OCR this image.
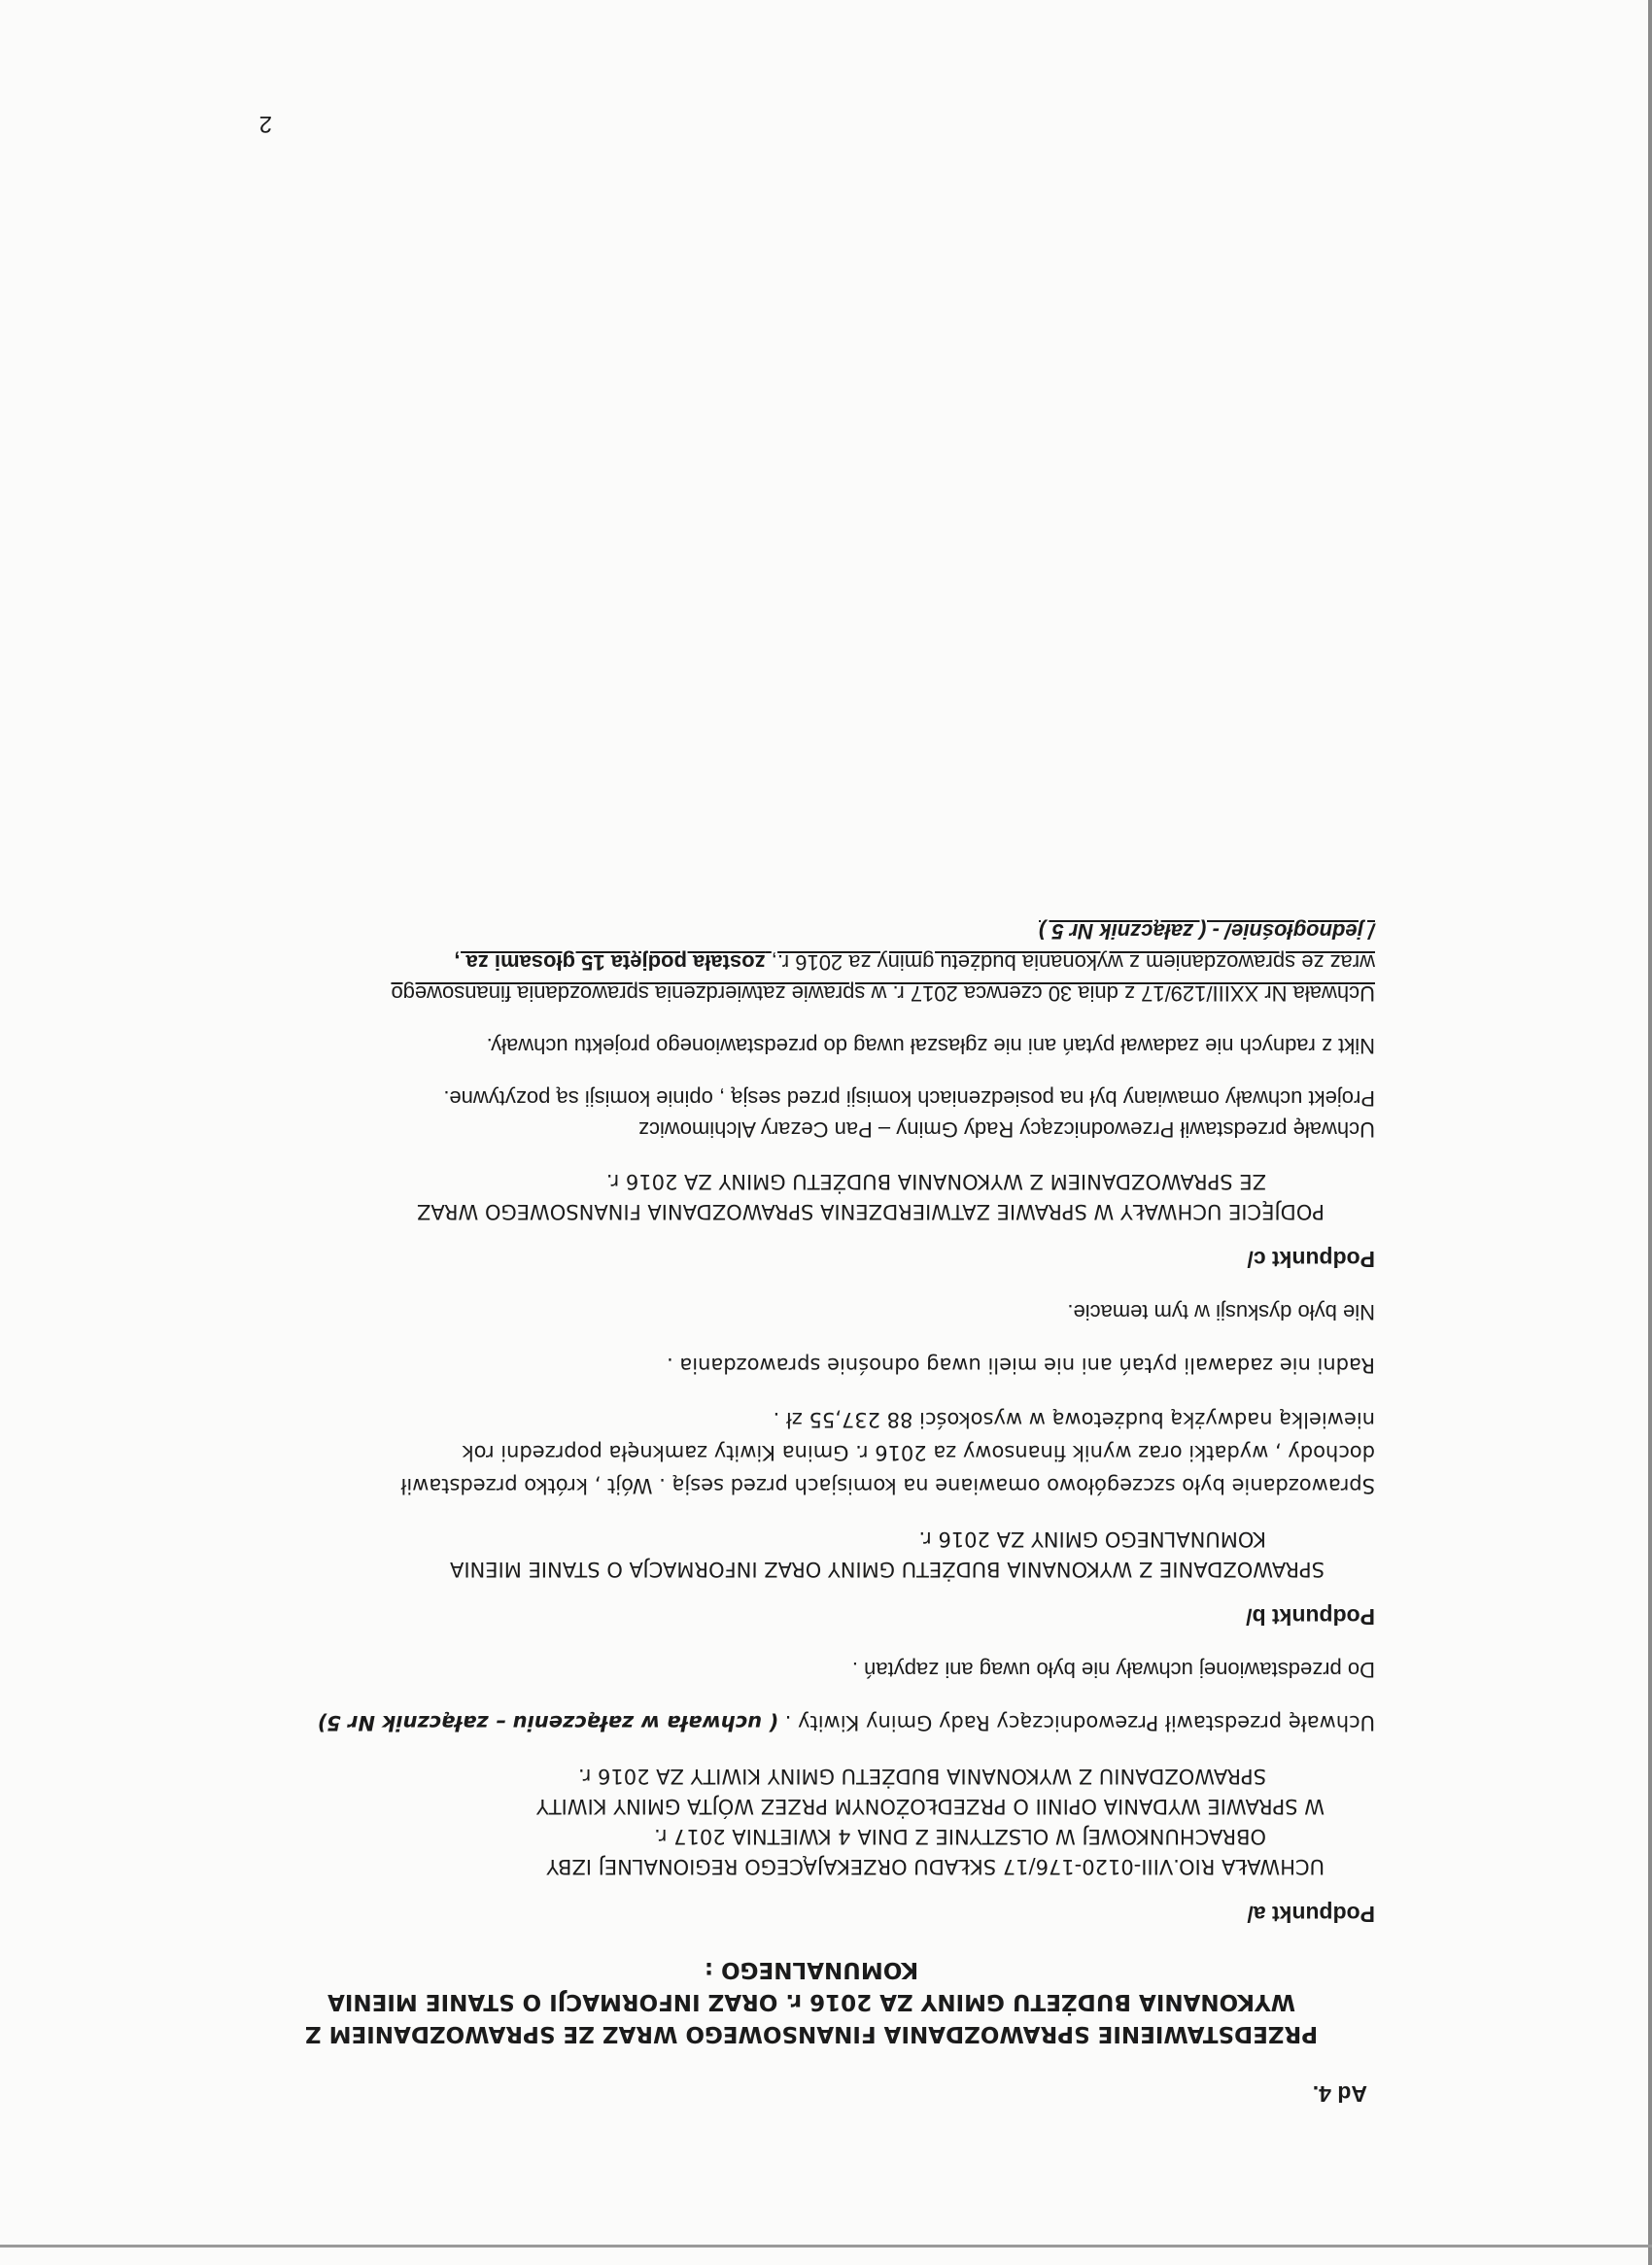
2
Ad 4.
PRZEDSTAWIENIE SPRAWOZDANIA FINANSOWEGO WRAZ ZE SPRAWOZDANIEM Z
WYKONANIA BUDŻETU GMINY ZA 2016 r. ORAZ INFORMACJI O STANIE MIENIA
KOMUNALNEGO :
Podpunkt a/
UCHWAŁA RIO.VIII-0120-176/17 SKŁADU ORZEKAJĄCEGO REGIONALNEJ IZBY
OBRACHUNKOWEJ W OLSZTYNIE Z DNIA 4 KWIETNIA 2017 r.
W SPRAWIE WYDANIA OPINII O PRZEDŁOŻONYM PRZEZ WÓJTA GMINY KIWITY

SPRAWOZDANIU Z WYKONANIA BUDŻETU GMINY KIWITY ZA 2016 r.
Uchwałę przedstawił Przewodniczący Rady Gminy Kiwity . ( uchwała w załączeniu – załącznik Nr 5)
Do przedstawionej uchwały nie było uwag ani zapytań .
Podpunkt b/
SPRAWOZDANIE Z WYKONANIA BUDŻETU GMINY ORAZ INFORMACJA O STANIE MIENIA
KOMUNALNEGO GMINY ZA 2016 r.
Sprawozdanie było szczegółowo omawiane na komisjach przed sesją . Wójt , krótko przedstawił
dochody , wydatki oraz wynik finansowy za 2016 r. Gmina Kiwity zamknęła poprzedni rok
niewielką nadwyżką budżetową w wysokości 88 237,55 zł .
Radni nie zadawali pytań ani nie mieli uwag odnośnie sprawozdania .
Nie było dyskusji w tym temacie.
Podpunkt c/
PODJĘCIE UCHWAŁY W SPRAWIE ZATWIERDZENIA SPRAWOZDANIA FINANSOWEGO WRAZ
ZE SPRAWOZDANIEM Z WYKONANIA BUDŻETU GMINY ZA 2016 r.
Uchwałę przedstawił Przewodniczący Rady Gminy – Pan Cezary Alchimowicz
Projekt uchwały omawiany był na posiedzeniach komisji przed sesją , opinie komisji są pozytywne.
Nikt z radnych nie zadawał pytań ani nie zgłaszał uwag do przedstawionego projektu uchwały.
Uchwała Nr XXIII/129/17 z dnia 30 czerwca 2017 r. w sprawie zatwierdzenia sprawozdania finansowego
wraz ze sprawozdaniem z wykonania budżetu gminy za 2016 r., została podjęta 15 głosami za ,
/ jednogłośnie/ - ( załącznik Nr 5 )
